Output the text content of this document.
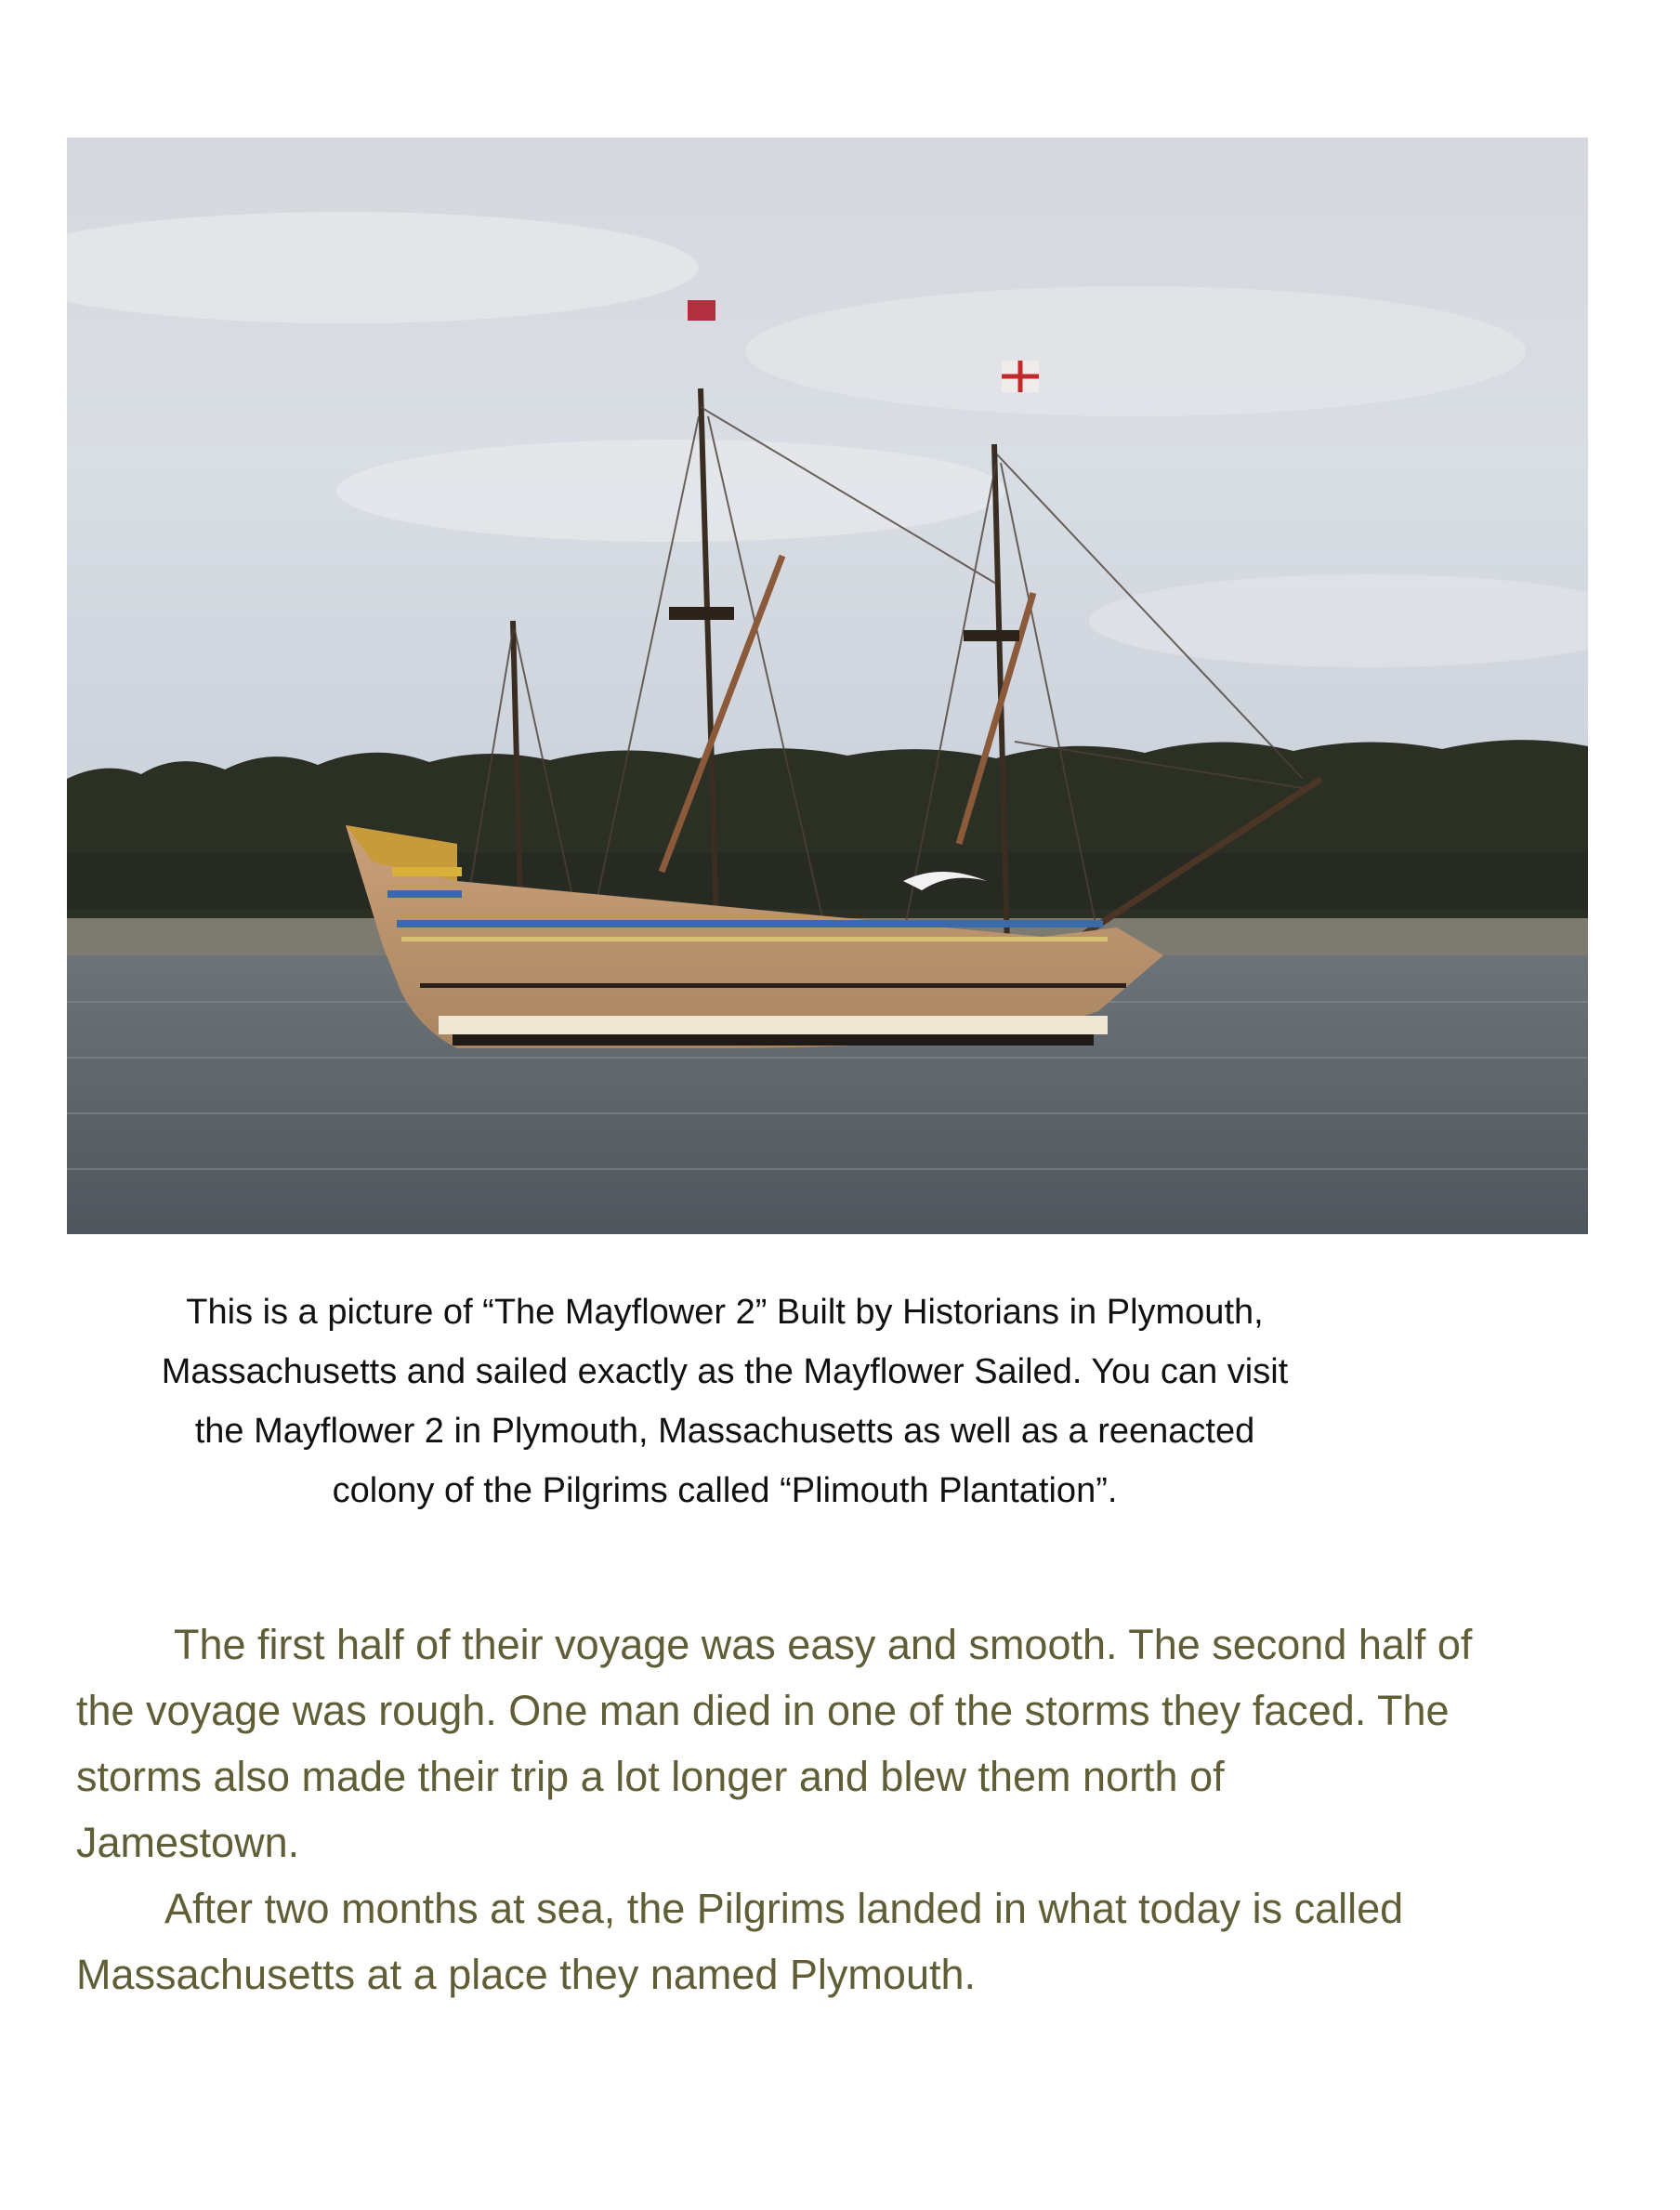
This is a picture of “The Mayflower 2” Built by Historians in Plymouth,
Massachusetts and sailed exactly as the Mayflower Sailed. You can visit
the Mayflower 2 in Plymouth, Massachusetts as well as a reenacted
colony of the Pilgrims called “Plimouth Plantation”.
The first half of their voyage was easy and smooth. The second half of
the voyage was rough. One man died in one of the storms they faced. The
storms also made their trip a lot longer and blew them north of
Jamestown.
After two months at sea, the Pilgrims landed in what today is called
Massachusetts at a place they named Plymouth.
